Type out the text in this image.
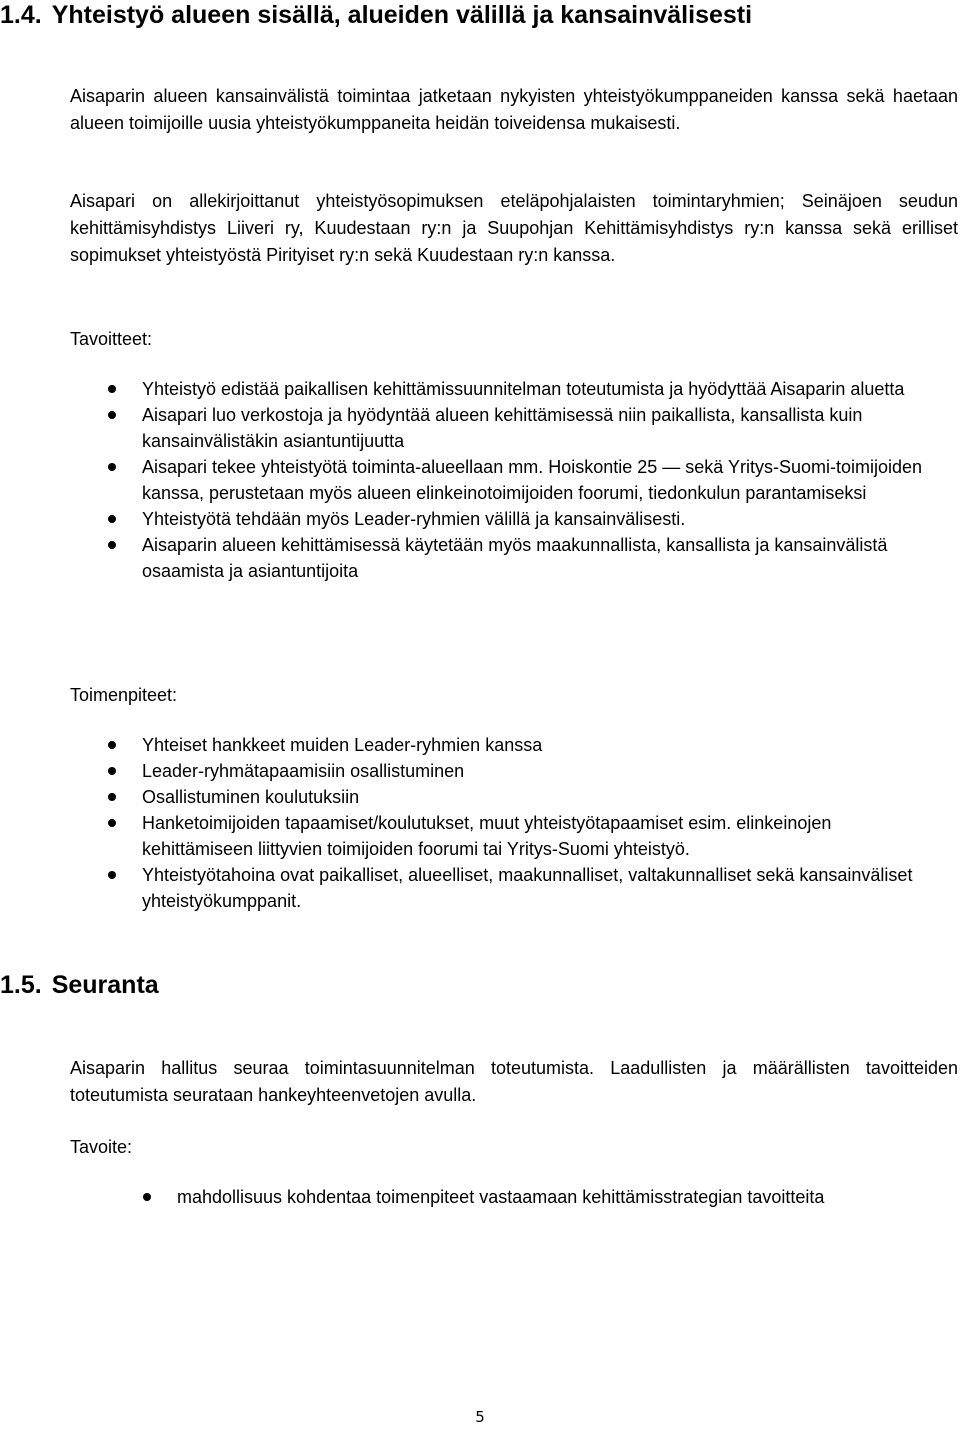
1.4. Yhteistyö alueen sisällä, alueiden välillä ja kansainvälisesti

Aisaparin alueen kansainvälistä toimintaa jatketaan nykyisten yhteistyökumppaneiden kanssa sekä haetaan alueen toimijoille uusia yhteistyökumppaneita heidän toiveidensa mukaisesti.

Aisapari on allekirjoittanut yhteistyösopimuksen eteläpohjalaisten toimintaryhmien; Seinäjoen seudun kehittämisyhdistys Liiveri ry, Kuudestaan ry:n ja Suupohjan Kehittämisyhdistys ry:n kanssa sekä erilliset sopimukset yhteistyöstä Pirityiset ry:n sekä Kuudestaan ry:n kanssa.

Tavoitteet:

Yhteistyö edistää paikallisen kehittämissuunnitelman toteutumista ja hyödyttää Aisaparin aluetta
Aisapari luo verkostoja ja hyödyntää alueen kehittämisessä niin paikallista, kansallista kuin kansainvälistäkin asiantuntijuutta
Aisapari tekee yhteistyötä toiminta-alueellaan mm. Hoiskontie 25 — sekä Yritys-Suomi-toimijoiden kanssa, perustetaan myös alueen elinkeinotoimijoiden foorumi, tiedonkulun parantamiseksi
Yhteistyötä tehdään myös Leader-ryhmien välillä ja kansainvälisesti.
Aisaparin alueen kehittämisessä käytetään myös maakunnallista, kansallista ja kansainvälistä osaamista ja asiantuntijoita

Toimenpiteet:

Yhteiset hankkeet muiden Leader-ryhmien kanssa
Leader-ryhmätapaamisiin osallistuminen
Osallistuminen koulutuksiin
Hanketoimijoiden tapaamiset/koulutukset, muut yhteistyötapaamiset esim. elinkeinojen kehittämiseen liittyvien toimijoiden foorumi tai Yritys-Suomi yhteistyö.
Yhteistyötahoina ovat paikalliset, alueelliset, maakunnalliset, valtakunnalliset sekä kansainväliset yhteistyökumppanit.
1.5. Seuranta

Aisaparin hallitus seuraa toimintasuunnitelman toteutumista. Laadullisten ja määrällisten tavoitteiden toteutumista seurataan hankeyhteenvetojen avulla.

Tavoite:

mahdollisuus kohdentaa toimenpiteet vastaamaan kehittämisstrategian tavoitteita
5
